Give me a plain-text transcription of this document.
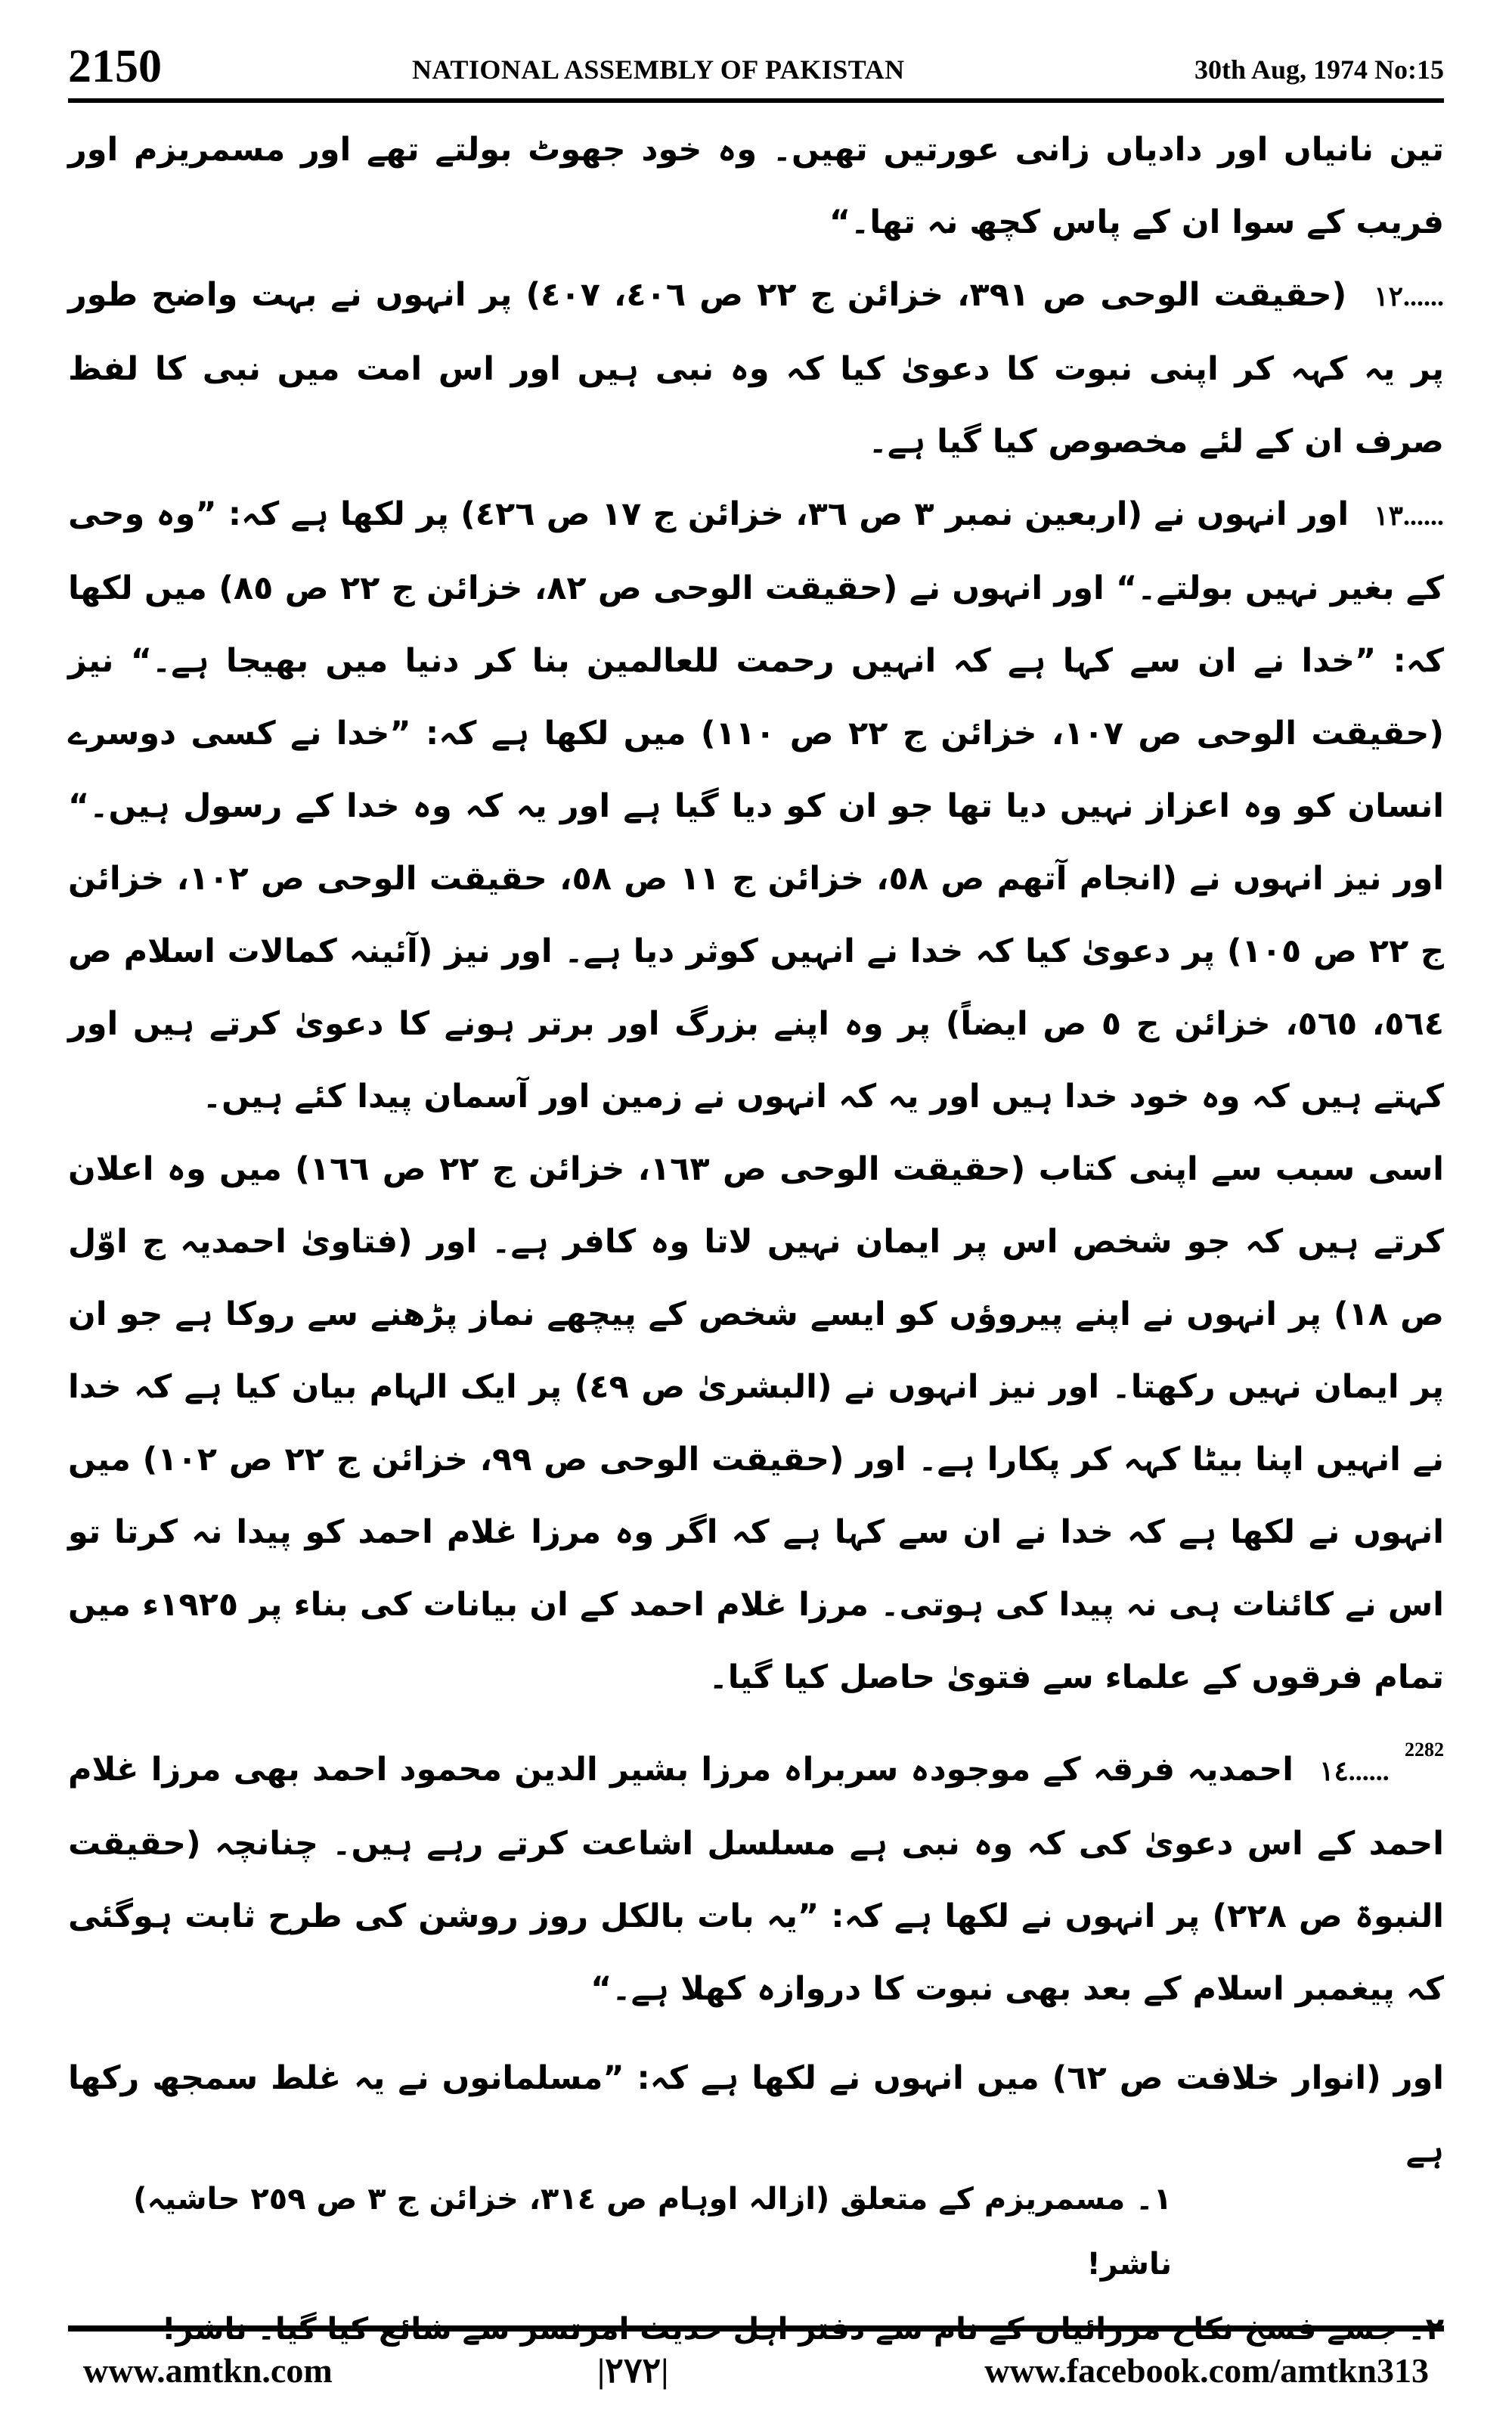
2150	NATIONAL ASSEMBLY OF PAKISTAN	30th Aug, 1974 No:15

تین نانیاں اور دادیاں زانی عورتیں تھیں۔ وہ خود جھوٹ بولتے تھے اور مسمریزم اور فریب کے سوا ان کے پاس کچھ نہ تھا۔“

١٢...... (حقیقت الوحی ص ٣٩١، خزائن ج ٢٢ ص ٤٠٦، ٤٠٧) پر انہوں نے بہت واضح طور پر یہ کہہ کر اپنی نبوت کا دعویٰ کیا کہ وہ نبی ہیں اور اس امت میں نبی کا لفظ صرف ان کے لئے مخصوص کیا گیا ہے۔

١٣...... اور انہوں نے (اربعین نمبر ٣ ص ٣٦، خزائن ج ١٧ ص ٤٢٦) پر لکھا ہے کہ: ”وہ وحی کے بغیر نہیں بولتے۔“ اور انہوں نے (حقیقت الوحی ص ٨٢، خزائن ج ٢٢ ص ٨٥) میں لکھا کہ: ”خدا نے ان سے کہا ہے کہ انہیں رحمت للعالمین بنا کر دنیا میں بھیجا ہے۔“ نیز (حقیقت الوحی ص ١٠٧، خزائن ج ٢٢ ص ١١٠) میں لکھا ہے کہ: ”خدا نے کسی دوسرے انسان کو وہ اعزاز نہیں دیا تھا جو ان کو دیا گیا ہے اور یہ کہ وہ خدا کے رسول ہیں۔“ اور نیز انہوں نے (انجام آتھم ص ٥٨، خزائن ج ١١ ص ٥٨، حقیقت الوحی ص ١٠٢، خزائن ج ٢٢ ص ١٠٥) پر دعویٰ کیا کہ خدا نے انہیں کوثر دیا ہے۔ اور نیز (آئینہ کمالات اسلام ص ٥٦٤، ٥٦٥، خزائن ج ٥ ص ایضاً) پر وہ اپنے بزرگ اور برتر ہونے کا دعویٰ کرتے ہیں اور کہتے ہیں کہ وہ خود خدا ہیں اور یہ کہ انہوں نے زمین اور آسمان پیدا کئے ہیں۔

اسی سبب سے اپنی کتاب (حقیقت الوحی ص ١٦٣، خزائن ج ٢٢ ص ١٦٦) میں وہ اعلان کرتے ہیں کہ جو شخص اس پر ایمان نہیں لاتا وہ کافر ہے۔ اور (فتاویٰ احمدیہ ج اوّل ص ١٨) پر انہوں نے اپنے پیروؤں کو ایسے شخص کے پیچھے نماز پڑھنے سے روکا ہے جو ان پر ایمان نہیں رکھتا۔ اور نیز انہوں نے (البشریٰ ص ٤٩) پر ایک الہام بیان کیا ہے کہ خدا نے انہیں اپنا بیٹا کہہ کر پکارا ہے۔ اور (حقیقت الوحی ص ٩٩، خزائن ج ٢٢ ص ١٠٢) میں انہوں نے لکھا ہے کہ خدا نے ان سے کہا ہے کہ اگر وہ مرزا غلام احمد کو پیدا نہ کرتا تو اس نے کائنات ہی نہ پیدا کی ہوتی۔ مرزا غلام احمد کے ان بیانات کی بناء پر ١٩٢٥ء میں تمام فرقوں کے علماء سے فتویٰ حاصل کیا گیا۔

2282 ١٤...... احمدیہ فرقہ کے موجودہ سربراہ مرزا بشیر الدین محمود احمد بھی مرزا غلام احمد کے اس دعویٰ کی کہ وہ نبی ہے مسلسل اشاعت کرتے رہے ہیں۔ چنانچہ (حقیقت النبوۃ ص ٢٢٨) پر انہوں نے لکھا ہے کہ: ”یہ بات بالکل روز روشن کی طرح ثابت ہوگئی کہ پیغمبر اسلام کے بعد بھی نبوت کا دروازہ کھلا ہے۔“

اور (انوار خلافت ص ٦٢) میں انہوں نے لکھا ہے کہ: ”مسلمانوں نے یہ غلط سمجھ رکھا ہے

١۔ مسمریزم کے متعلق (ازالہ اوہام ص ٣١٤، خزائن ج ٣ ص ٢٥٩ حاشیہ) ناشر!

www.amtkn.com	|٢٧٢|	www.facebook.com/amtkn313
